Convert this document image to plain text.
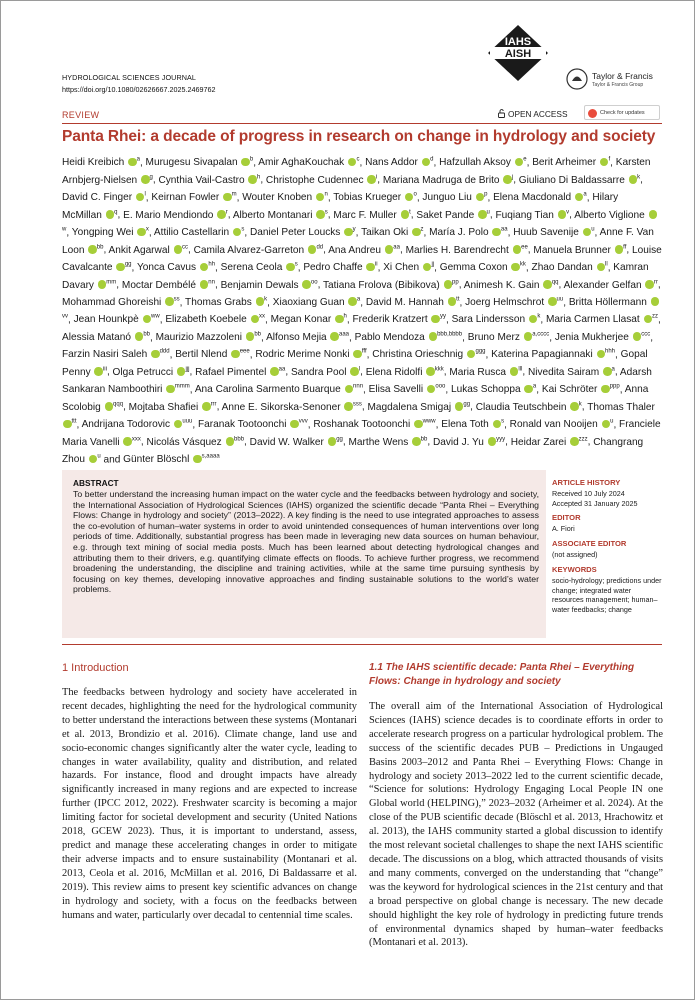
HYDROLOGICAL SCIENCES JOURNAL
https://doi.org/10.1080/02626667.2025.2469762
IAHS
AISH
Taylor & Francis
Taylor & Francis Group
REVIEW	OPEN ACCESS	Check for updates
Panta Rhei: a decade of progress in research on change in hydrology and society
Heidi Kreibich $^a$, Murugesu Sivapalan $^b$, Amir AghaKouchak $^c$, Nans Addor $^d$, Hafzullah Aksoy $^e$, Berit Arheimer $^f$, Karsten Arnbjerg-Nielsen $^g$, Cynthia Vail-Castro $^h$, Christophe Cudennec $^i$, Mariana Madruga de Brito $^j$, Giuliano Di Baldassarre $^k$, David C. Finger $^l$, Keirnan Fowler $^m$, Wouter Knoben $^n$, Tobias Krueger $^o$, Junguo Liu $^p$, Elena Macdonald $^a$, Hilary McMillan $^q$, E. Mario Mendiondo $^r$, Alberto Montanari $^s$, Marc F. Muller $^t$, Saket Pande $^u$, Fuqiang Tian $^v$, Alberto Viglione $^w$, Yongping Wei $^x$, Attilio Castellarin $^s$, Daniel Peter Loucks $^y$, Taikan Oki $^z$, María J. Polo $^{aa}$, Huub Savenije $^u$, Anne F. Van Loon $^{bb}$, Ankit Agarwal $^{cc}$, Camila Alvarez-Garreton $^{dd}$, Ana Andreu $^{aa}$, Marlies H. Barendrecht $^{ee}$, Manuela Brunner $^{ff}$, Louise Cavalcante $^{gg}$, Yonca Cavus $^{hh}$, Serena Ceola $^s$, Pedro Chaffe $^{ii}$, Xi Chen $^{jj}$, Gemma Coxon $^{kk}$, Zhao Dandan $^{ll}$, Kamran Davary $^{mm}$, Moctar Dembélé $^{nn}$, Benjamin Dewals $^{oo}$, Tatiana Frolova (Bibikova) $^{pp}$, Animesh K. Gain $^{qq}$, Alexander Gelfan $^{rr}$, Mohammad Ghoreishi $^{ss}$, Thomas Grabs $^k$, Xiaoxiang Guan $^a$, David M. Hannah $^{tt}$, Joerg Helmschrot $^{uu}$, Britta Höllermann $^{vv}$, Jean Hounkpè $^{ww}$, Elizabeth Koebele $^{xx}$, Megan Konar $^h$, Frederik Kratzert $^{yy}$, Sara Lindersson $^k$, Maria Carmen Llasat $^{zz}$, Alessia Matanó $^{bb}$, Maurizio Mazzoleni $^{bb}$, Alfonso Mejia $^{aaa}$, Pablo Mendoza $^{bbb,bbbb}$, Bruno Merz $^{a,cccc}$, Jenia Mukherjee $^{ccc}$, Farzin Nasiri Saleh $^{ddd}$, Bertil Nlend $^{eee}$, Rodric Merime Nonki $^{fff}$, Christina Orieschnig $^{ggg}$, Katerina Papagiannaki $^{hhh}$, Gopal Penny $^{iii}$, Olga Petrucci $^{jjj}$, Rafael Pimentel $^{aa}$, Sandra Pool $^l$, Elena Ridolfi $^{kkk}$, Maria Rusca $^{lll}$, Nivedita Sairam $^a$, Adarsh Sankaran Namboothiri $^{mmm}$, Ana Carolina Sarmento Buarque $^{nnn}$, Elisa Savelli $^{ooo}$, Lukas Schoppa $^a$, Kai Schröter $^{ppp}$, Anna Scolobig $^{qqq}$, Mojtaba Shafiei $^{rrr}$, Anne E. Sikorska-Senoner $^{sss}$, Magdalena Smigaj $^{gg}$, Claudia Teutschbein $^k$, Thomas Thaler $^{ttt}$, Andrijana Todorovic $^{uuu}$, Faranak Tootoonchi $^{vvv}$, Roshanak Tootoonchi $^{www}$, Elena Toth $^s$, Ronald van Nooijen $^u$, Franciele Maria Vanelli $^{xxx}$, Nicolás Vásquez $^{bbb}$, David W. Walker $^{gg}$, Marthe Wens $^{bb}$, David J. Yu $^{yyy}$, Heidar Zarei $^{zzz}$, Changrang Zhou $^u$ and Günter Blöschl $^{s,aaaa}$
ABSTRACT
To better understand the increasing human impact on the water cycle and the feedbacks between hydrology and society, the International Association of Hydrological Sciences (IAHS) organized the scientific decade “Panta Rhei – Everything Flows: Change in hydrology and society” (2013–2022). A key finding is the need to use integrated approaches to assess the co-evolution of human–water systems in order to avoid unintended consequences of human interventions over long periods of time. Additionally, substantial progress has been made in leveraging new data sources on human behaviour, e.g. through text mining of social media posts. Much has been learned about detecting hydrological changes and attributing them to their drivers, e.g. quantifying climate effects on floods. To achieve further progress, we recommend broadening the understanding, the discipline and training activities, while at the same time pursuing synthesis by focusing on key themes, developing innovative approaches and finding sustainable solutions to the world’s water problems.
ARTICLE HISTORY
Received 10 July 2024
Accepted 31 January 2025
EDITOR
A. Fiori
ASSOCIATE EDITOR
(not assigned)
KEYWORDS
socio-hydrology; predictions under change; integrated water resources management; human–water feedbacks; change
1 Introduction	1.1 The IAHS scientific decade: Panta Rhei – Everything Flows: Change in hydrology and society
The feedbacks between hydrology and society have accelerated in recent decades, highlighting the need for the hydrological community to better understand the interactions between these systems (Montanari et al. 2013, Brondizio et al. 2016). Climate change, land use and socio-economic changes significantly alter the water cycle, leading to changes in water availability, quality and distribution, and related hazards. For instance, flood and drought impacts have already significantly increased in many regions and are expected to increase further (IPCC 2012, 2022). Freshwater scarcity is becoming a major limiting factor for societal development and security (United Nations 2018, GCEW 2023). Thus, it is important to understand, assess, predict and manage these accelerating changes in order to mitigate their adverse impacts and to ensure sustainability (Montanari et al. 2013, Ceola et al. 2016, McMillan et al. 2016, Di Baldassarre et al. 2019). This review aims to present key scientific advances on change in hydrology and society, with a focus on the feedbacks between humans and water, particularly over decadal to centennial time scales.
The overall aim of the International Association of Hydrological Sciences (IAHS) science decades is to coordinate efforts in order to accelerate research progress on a particular hydrological problem. The success of the scientific decades PUB – Predictions in Ungauged Basins 2003–2012 and Panta Rhei – Everything Flows: Change in hydrology and society 2013–2022 led to the current scientific decade, “Science for solutions: Hydrology Engaging Local People IN one Global world (HELPING),” 2023–2032 (Arheimer et al. 2024). At the close of the PUB scientific decade (Blöschl et al. 2013, Hrachowitz et al. 2013), the IAHS community started a global discussion to identify the most relevant societal challenges to shape the next IAHS scientific decade. The discussions on a blog, which attracted thousands of visits and many comments, converged on the understanding that “change” was the keyword for hydrological sciences in the 21st century and that a broad perspective on global change is necessary. The new decade should highlight the key role of hydrology in predicting future trends of environmental dynamics shaped by human–water feedbacks (Montanari et al. 2013).
